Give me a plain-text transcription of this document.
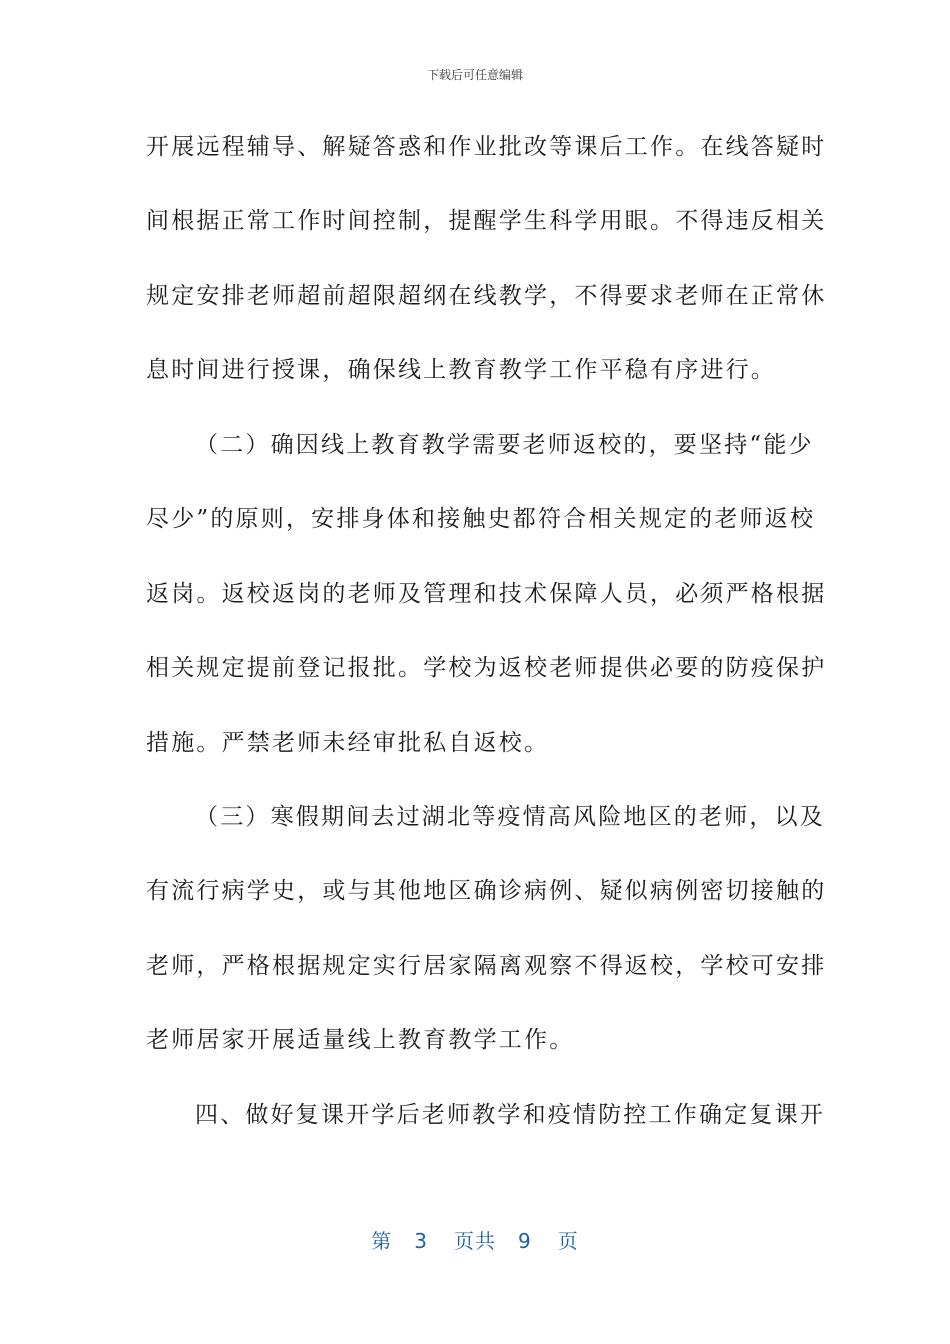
下载后可任意编辑
开展远程辅导、解疑答惑和作业批改等课后工作。在线答疑时
间根据正常工作时间控制，提醒学生科学用眼。不得违反相关
规定安排老师超前超限超纲在线教学，不得要求老师在正常休
息时间进行授课，确保线上教育教学工作平稳有序进行。
（二）确因线上教育教学需要老师返校的，要坚持“能少
尽少”的原则，安排身体和接触史都符合相关规定的老师返校
返岗。返校返岗的老师及管理和技术保障人员，必须严格根据
相关规定提前登记报批。学校为返校老师提供必要的防疫保护
措施。严禁老师未经审批私自返校。
（三）寒假期间去过湖北等疫情高风险地区的老师，以及
有流行病学史，或与其他地区确诊病例、疑似病例密切接触的
老师，严格根据规定实行居家隔离观察不得返校，学校可安排
老师居家开展适量线上教育教学工作。
四、做好复课开学后老师教学和疫情防控工作确定复课开
第 3 页共 9 页
